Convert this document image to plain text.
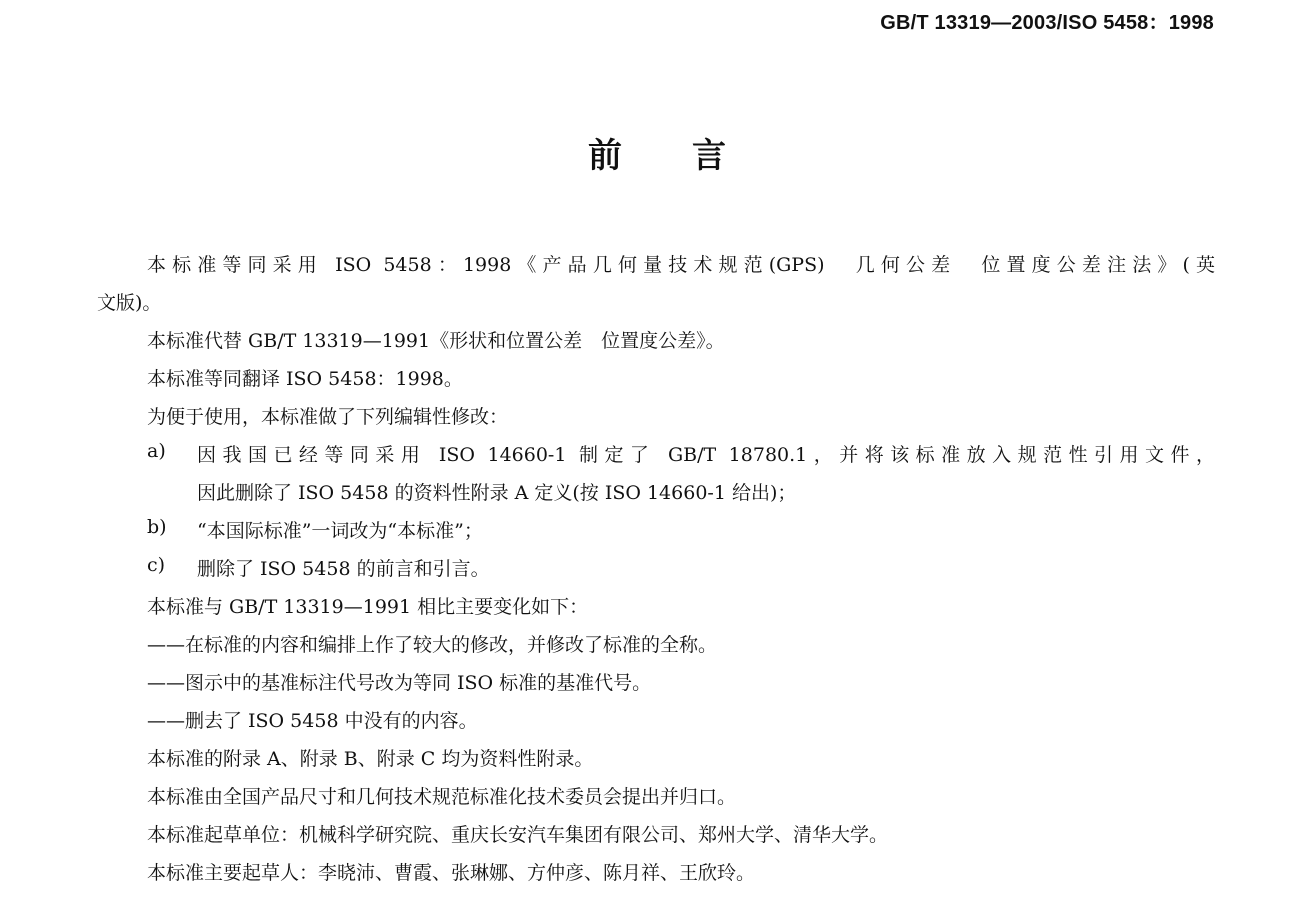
GB/T 13319—2003/ISO 5458：1998
前言
本标准等同采用 ISO 5458：1998《产品几何量技术规范(GPS)　几何公差　位置度公差注法》(英
文版)。
本标准代替 GB/T 13319—1991《形状和位置公差　位置度公差》。
本标准等同翻译 ISO 5458：1998。
为便于使用，本标准做了下列编辑性修改：
a) 因我国已经等同采用 ISO 14660-1 制定了 GB/T 18780.1，并将该标准放入规范性引用文件，
因此删除了 ISO 5458 的资料性附录 A 定义(按 ISO 14660-1 给出)；
b) “本国际标准”一词改为“本标准”；
c) 删除了 ISO 5458 的前言和引言。
本标准与 GB/T 13319—1991 相比主要变化如下：
——在标准的内容和编排上作了较大的修改，并修改了标准的全称。
——图示中的基准标注代号改为等同 ISO 标准的基准代号。
——删去了 ISO 5458 中没有的内容。
本标准的附录 A、附录 B、附录 C 均为资料性附录。
本标准由全国产品尺寸和几何技术规范标准化技术委员会提出并归口。
本标准起草单位：机械科学研究院、重庆长安汽车集团有限公司、郑州大学、清华大学。
本标准主要起草人：李晓沛、曹霞、张琳娜、方仲彦、陈月祥、王欣玲。
